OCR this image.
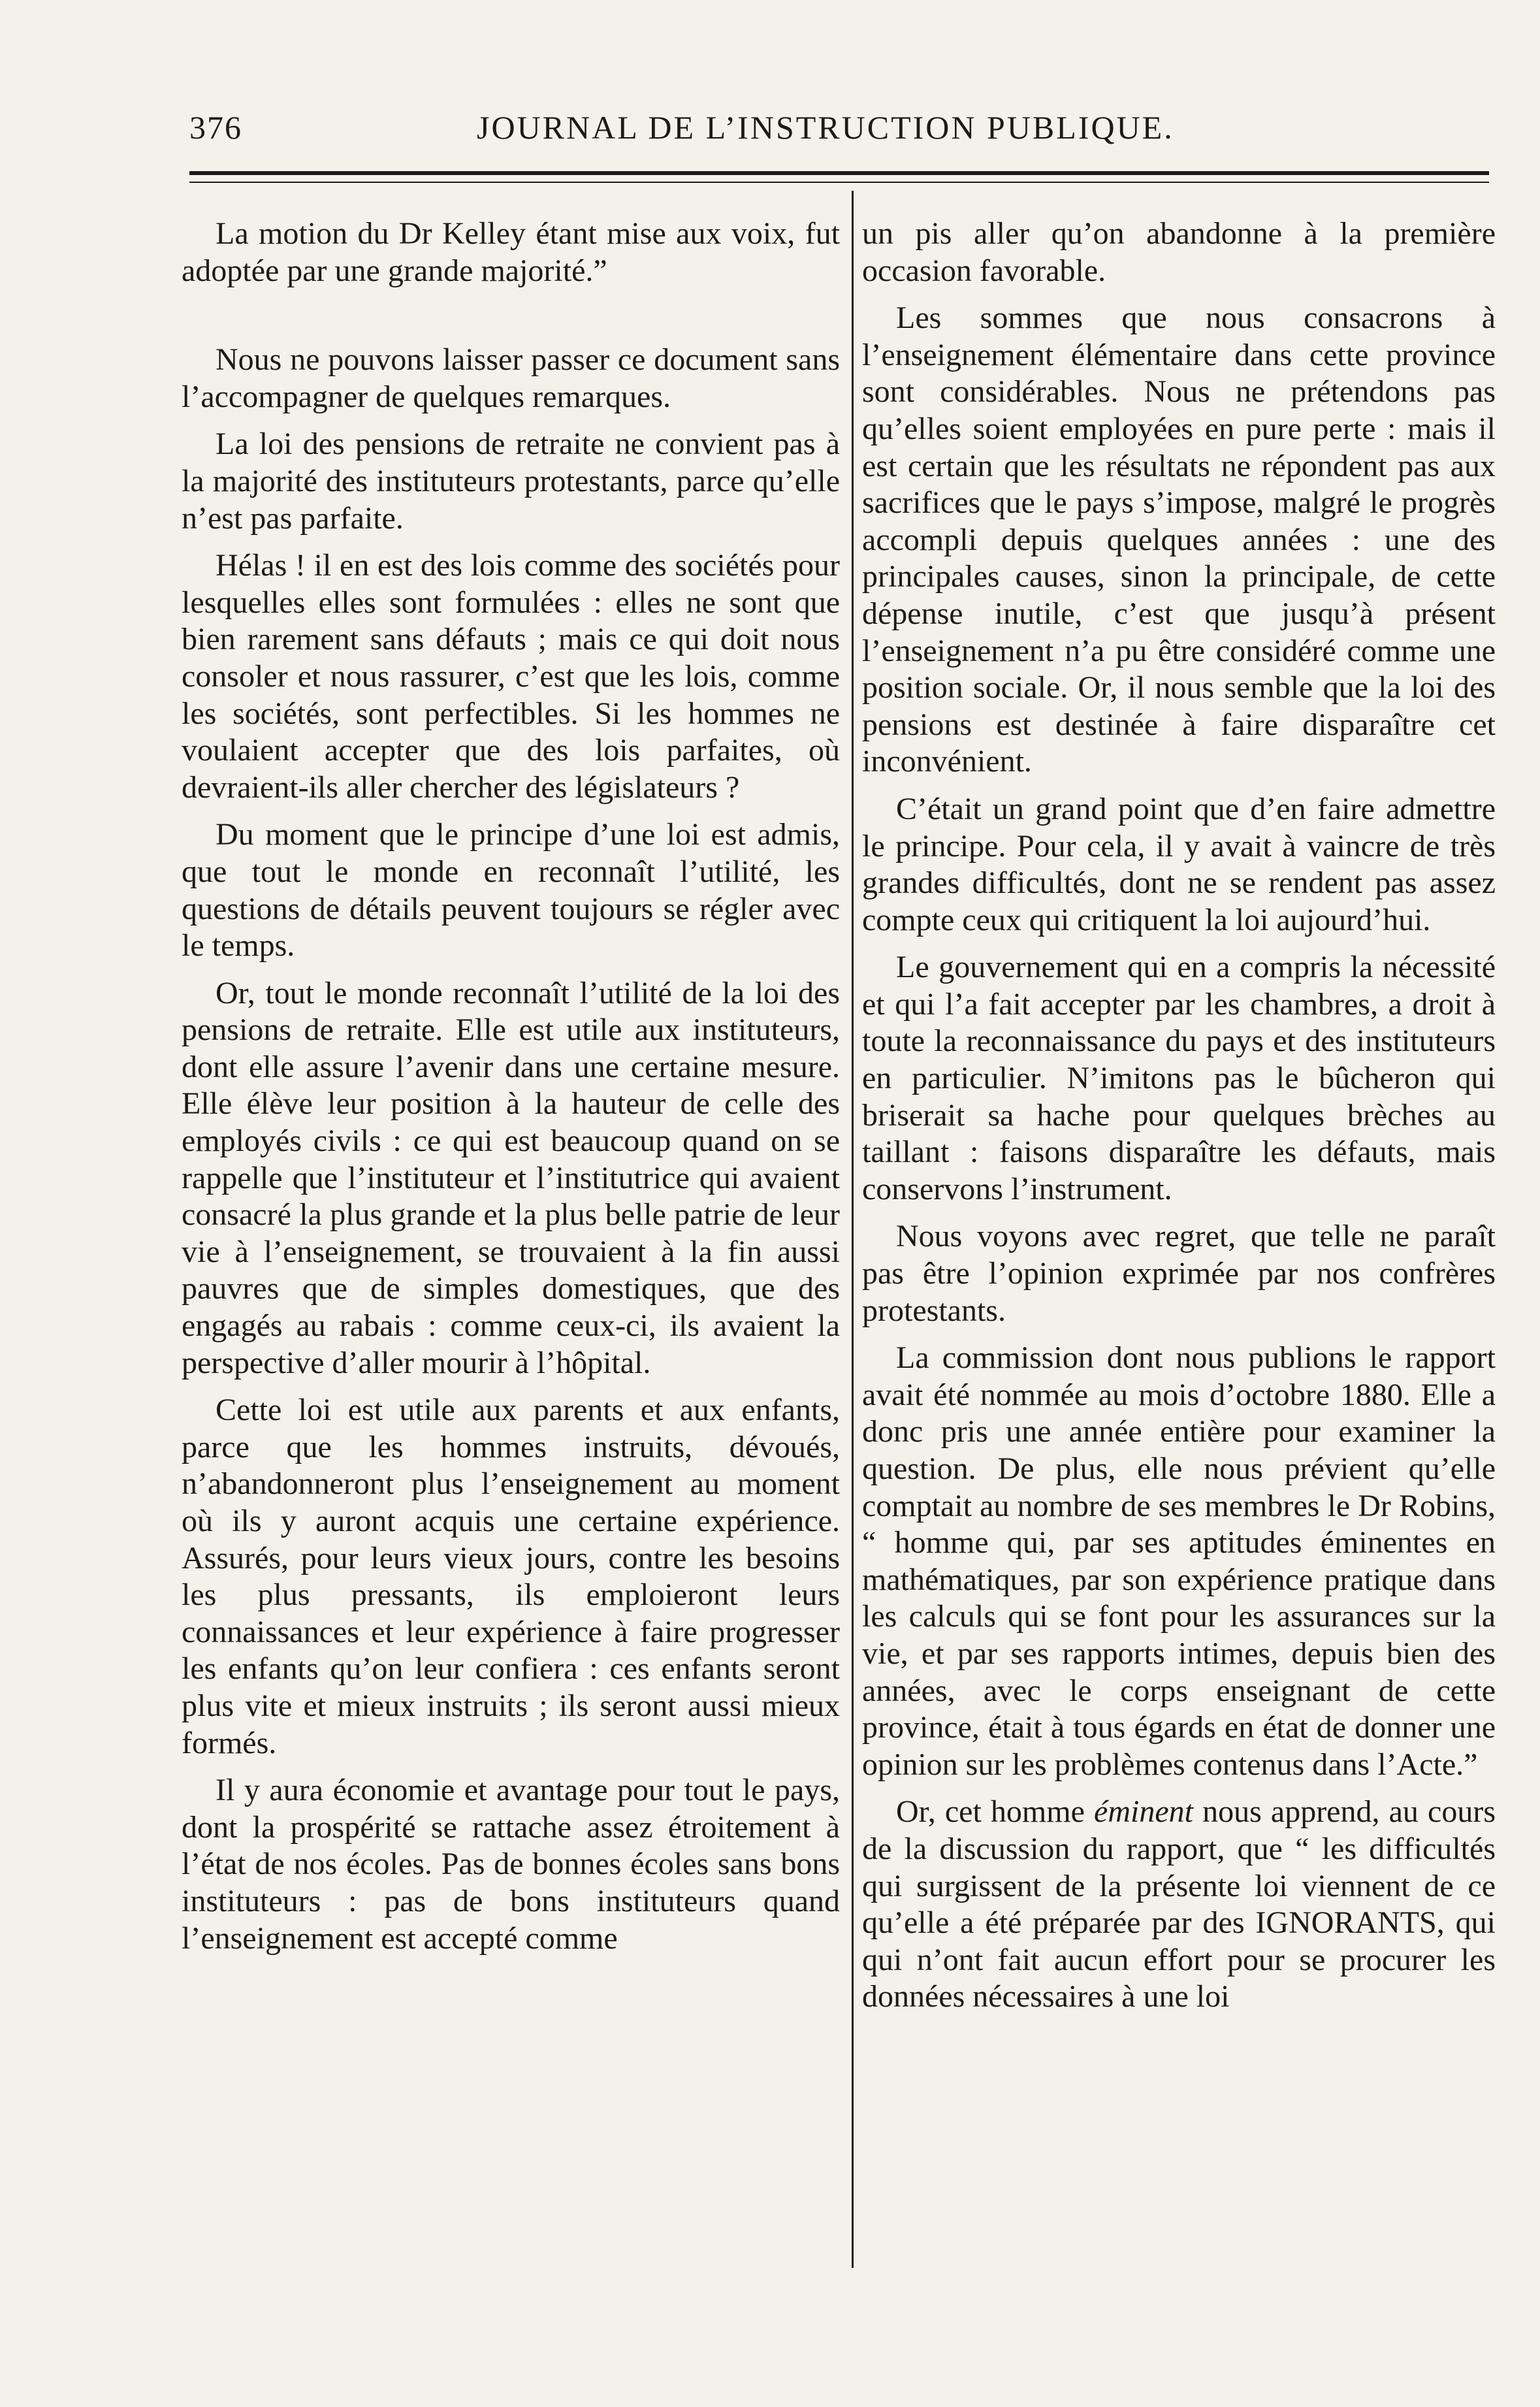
376	JOURNAL DE L’INSTRUCTION PUBLIQUE.

La motion du Dr Kelley étant mise aux voix, fut adoptée par une grande majorité.”

Nous ne pouvons laisser passer ce document sans l’accompagner de quelques remarques.

La loi des pensions de retraite ne convient pas à la majorité des instituteurs protestants, parce qu’elle n’est pas parfaite.

Hélas ! il en est des lois comme des sociétés pour lesquelles elles sont formulées : elles ne sont que bien rarement sans défauts ; mais ce qui doit nous consoler et nous rassurer, c’est que les lois, comme les sociétés, sont perfectibles. Si les hommes ne voulaient accepter que des lois parfaites, où devraient-ils aller chercher des législateurs ?

Du moment que le principe d’une loi est admis, que tout le monde en reconnaît l’utilité, les questions de détails peuvent toujours se régler avec le temps.

Or, tout le monde reconnaît l’utilité de la loi des pensions de retraite. Elle est utile aux instituteurs, dont elle assure l’avenir dans une certaine mesure. Elle élève leur position à la hauteur de celle des employés civils : ce qui est beaucoup quand on se rappelle que l’instituteur et l’institutrice qui avaient consacré la plus grande et la plus belle patrie de leur vie à l’enseignement, se trouvaient à la fin aussi pauvres que de simples domestiques, que des engagés au rabais : comme ceux-ci, ils avaient la perspective d’aller mourir à l’hôpital.

Cette loi est utile aux parents et aux enfants, parce que les hommes instruits, dévoués, n’abandonneront plus l’enseignement au moment où ils y auront acquis une certaine expérience. Assurés, pour leurs vieux jours, contre les besoins les plus pressants, ils emploieront leurs connaissances et leur expérience à faire progresser les enfants qu’on leur confiera : ces enfants seront plus vite et mieux instruits ; ils seront aussi mieux formés.

Il y aura économie et avantage pour tout le pays, dont la prospérité se rattache assez étroitement à l’état de nos écoles. Pas de bonnes écoles sans bons instituteurs : pas de bons instituteurs quand l’enseignement est accepté comme

un pis aller qu’on abandonne à la première occasion favorable.

Les sommes que nous consacrons à l’enseignement élémentaire dans cette province sont considérables. Nous ne prétendons pas qu’elles soient employées en pure perte : mais il est certain que les résultats ne répondent pas aux sacrifices que le pays s’impose, malgré le progrès accompli depuis quelques années : une des principales causes, sinon la principale, de cette dépense inutile, c’est que jusqu’à présent l’enseignement n’a pu être considéré comme une position sociale. Or, il nous semble que la loi des pensions est destinée à faire disparaître cet inconvénient.

C’était un grand point que d’en faire admettre le principe. Pour cela, il y avait à vaincre de très grandes difficultés, dont ne se rendent pas assez compte ceux qui critiquent la loi aujourd’hui.

Le gouvernement qui en a compris la nécessité et qui l’a fait accepter par les chambres, a droit à toute la reconnaissance du pays et des instituteurs en particulier. N’imitons pas le bûcheron qui briserait sa hache pour quelques brèches au taillant : faisons disparaître les défauts, mais conservons l’instrument.

Nous voyons avec regret, que telle ne paraît pas être l’opinion exprimée par nos confrères protestants.

La commission dont nous publions le rapport avait été nommée au mois d’octobre 1880. Elle a donc pris une année entière pour examiner la question. De plus, elle nous prévient qu’elle comptait au nombre de ses membres le Dr Robins, “ homme qui, par ses aptitudes éminentes en mathématiques, par son expérience pratique dans les calculs qui se font pour les assurances sur la vie, et par ses rapports intimes, depuis bien des années, avec le corps enseignant de cette province, était à tous égards en état de donner une opinion sur les problèmes contenus dans l’Acte.”

Or, cet homme éminent nous apprend, au cours de la discussion du rapport, que “ les difficultés qui surgissent de la présente loi viennent de ce qu’elle a été préparée par des IGNORANTS, qui qui n’ont fait aucun effort pour se procurer les données nécessaires à une loi
